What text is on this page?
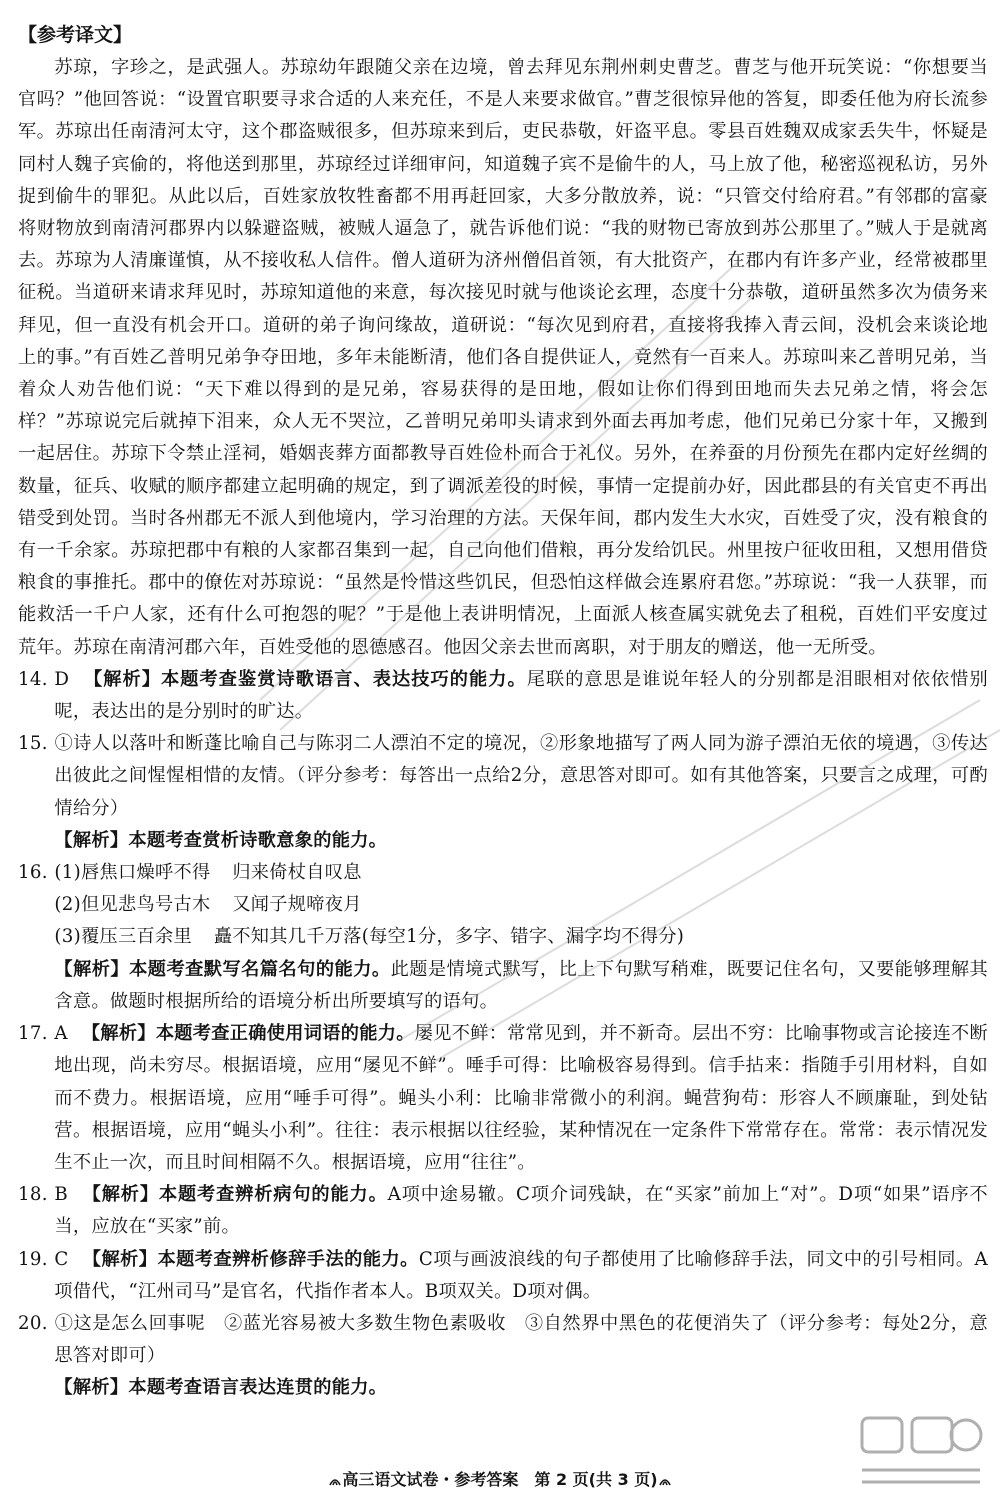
【参考译文】

苏琼，字珍之，是武强人。苏琼幼年跟随父亲在边境，曾去拜见东荆州刺史曹芝。曹芝与他开玩笑说：“你想要当官吗？”他回答说：“设置官职要寻求合适的人来充任，不是人来要求做官。”曹芝很惊异他的答复，即委任他为府长流参军。苏琼出任南清河太守，这个郡盗贼很多，但苏琼来到后，吏民恭敬，奸盗平息。零县百姓魏双成家丢失牛，怀疑是同村人魏子宾偷的，将他送到那里，苏琼经过详细审问，知道魏子宾不是偷牛的人，马上放了他，秘密巡视私访，另外捉到偷牛的罪犯。从此以后，百姓家放牧牲畜都不用再赶回家，大多分散放养，说：“只管交付给府君。”有邻郡的富豪将财物放到南清河郡界内以躲避盗贼，被贼人逼急了，就告诉他们说：“我的财物已寄放到苏公那里了。”贼人于是就离去。苏琼为人清廉谨慎，从不接收私人信件。僧人道研为济州僧侣首领，有大批资产，在郡内有许多产业，经常被郡里征税。当道研来请求拜见时，苏琼知道他的来意，每次接见时就与他谈论玄理，态度十分恭敬，道研虽然多次为债务来拜见，但一直没有机会开口。道研的弟子询问缘故，道研说：“每次见到府君，直接将我捧入青云间，没机会来谈论地上的事。”有百姓乙普明兄弟争夺田地，多年未能断清，他们各自提供证人，竟然有一百来人。苏琼叫来乙普明兄弟，当着众人劝告他们说：“天下难以得到的是兄弟，容易获得的是田地，假如让你们得到田地而失去兄弟之情，将会怎样？”苏琼说完后就掉下泪来，众人无不哭泣，乙普明兄弟叩头请求到外面去再加考虑，他们兄弟已分家十年，又搬到一起居住。苏琼下令禁止淫祠，婚姻丧葬方面都教导百姓俭朴而合于礼仪。另外，在养蚕的月份预先在郡内定好丝绸的数量，征兵、收赋的顺序都建立起明确的规定，到了调派差役的时候，事情一定提前办好，因此郡县的有关官吏不再出错受到处罚。当时各州郡无不派人到他境内，学习治理的方法。天保年间，郡内发生大水灾，百姓受了灾，没有粮食的有一千余家。苏琼把郡中有粮的人家都召集到一起，自己向他们借粮，再分发给饥民。州里按户征收田租，又想用借贷粮食的事推托。郡中的僚佐对苏琼说：“虽然是怜惜这些饥民，但恐怕这样做会连累府君您。”苏琼说：“我一人获罪，而能救活一千户人家，还有什么可抱怨的呢？”于是他上表讲明情况，上面派人核查属实就免去了租税，百姓们平安度过荒年。苏琼在南清河郡六年，百姓受他的恩德感召。他因父亲去世而离职，对于朋友的赠送，他一无所受。

14. D 【解析】本题考查鉴赏诗歌语言、表达技巧的能力。尾联的意思是谁说年轻人的分别都是泪眼相对依依惜别呢，表达出的是分别时的旷达。

15. ①诗人以落叶和断蓬比喻自己与陈羽二人漂泊不定的境况，②形象地描写了两人同为游子漂泊无依的境遇，③传达出彼此之间惺惺相惜的友情。（评分参考：每答出一点给2分，意思答对即可。如有其他答案，只要言之成理，可酌情给分）

【解析】本题考查赏析诗歌意象的能力。

16. (1)唇焦口燥呼不得 归来倚杖自叹息

(2)但见悲鸟号古木 又闻子规啼夜月

(3)覆压三百余里 矗不知其几千万落(每空1分，多字、错字、漏字均不得分)

【解析】本题考查默写名篇名句的能力。此题是情境式默写，比上下句默写稍难，既要记住名句，又要能够理解其含意。做题时根据所给的语境分析出所要填写的语句。

17. A 【解析】本题考查正确使用词语的能力。屡见不鲜：常常见到，并不新奇。层出不穷：比喻事物或言论接连不断地出现，尚未穷尽。根据语境，应用“屡见不鲜”。唾手可得：比喻极容易得到。信手拈来：指随手引用材料，自如而不费力。根据语境，应用“唾手可得”。蝇头小利：比喻非常微小的利润。蝇营狗苟：形容人不顾廉耻，到处钻营。根据语境，应用“蝇头小利”。往往：表示根据以往经验，某种情况在一定条件下常常存在。常常：表示情况发生不止一次，而且时间相隔不久。根据语境，应用“往往”。

18. B 【解析】本题考查辨析病句的能力。A项中途易辙。C项介词残缺，在“买家”前加上“对”。D项“如果”语序不当，应放在“买家”前。

19. C 【解析】本题考查辨析修辞手法的能力。C项与画波浪线的句子都使用了比喻修辞手法，同文中的引号相同。A项借代，“江州司马”是官名，代指作者本人。B项双关。D项对偶。

20. ①这是怎么回事呢　②蓝光容易被大多数生物色素吸收　③自然界中黑色的花便消失了（评分参考：每处2分，意思答对即可）

【解析】本题考查语言表达连贯的能力。

高三语文试卷・参考答案　第 2 页(共 3 页)
